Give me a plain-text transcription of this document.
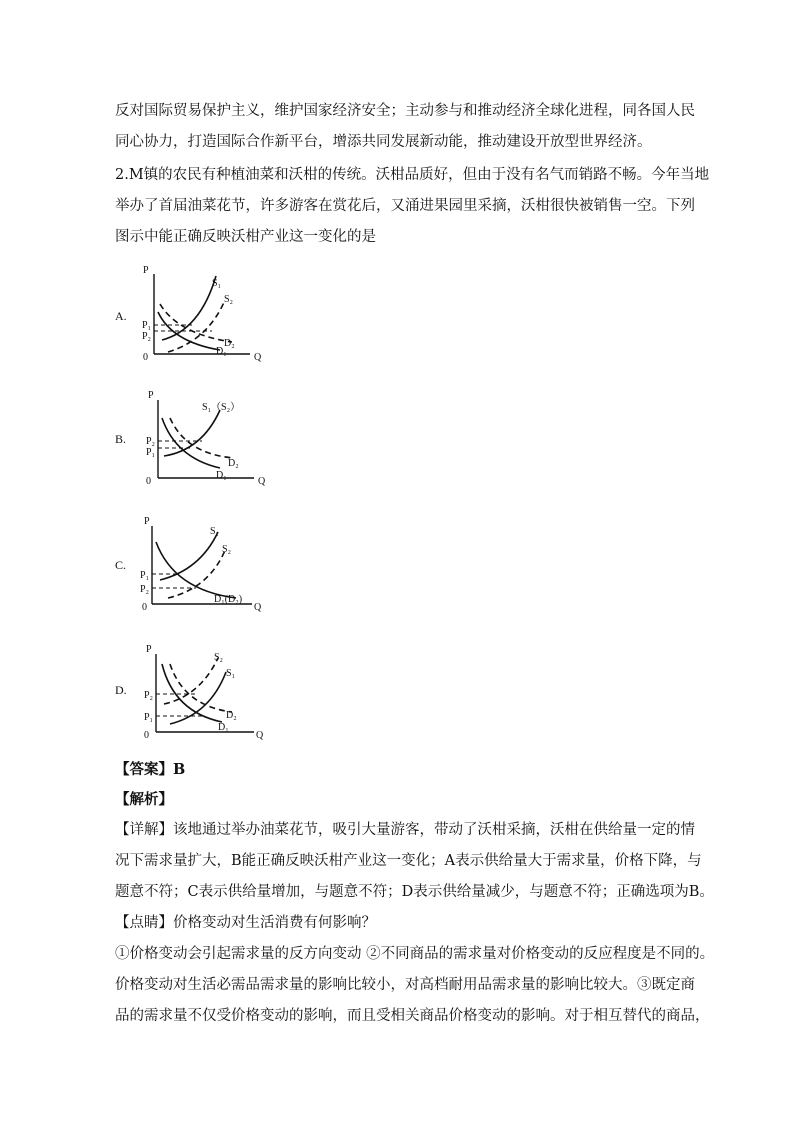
反对国际贸易保护主义，维护国家经济安全；主动参与和推动经济全球化进程，同各国人民
同心协力，打造国际合作新平台，增添共同发展新动能，推动建设开放型世界经济。
2.M镇的农民有种植油菜和沃柑的传统。沃柑品质好，但由于没有名气而销路不畅。今年当地
举办了首届油菜花节，许多游客在赏花后，又涌进果园里采摘，沃柑很快被销售一空。下列
图示中能正确反映沃柑产业这一变化的是
A.
P
0	Q
P₁
P₂
S₁
S₂
D₂
D₁
B.
P
0	Q
P₂
P₁
S₁（S₂）
D₂
D₁
C.
P
0	Q
P₁
P₂
S₁
S₂
D₁(D₂)
D.
P
0	Q
P₂
P₁
S₂
S₁
D₂
D₁
【答案】B
【解析】
【详解】该地通过举办油菜花节，吸引大量游客，带动了沃柑采摘，沃柑在供给量一定的情
况下需求量扩大，B能正确反映沃柑产业这一变化；A表示供给量大于需求量，价格下降，与
题意不符；C表示供给量增加，与题意不符；D表示供给量减少，与题意不符；正确选项为B。
【点睛】价格变动对生活消费有何影响？
①价格变动会引起需求量的反方向变动 ②不同商品的需求量对价格变动的反应程度是不同的。
价格变动对生活必需品需求量的影响比较小，对高档耐用品需求量的影响比较大。③既定商
品的需求量不仅受价格变动的影响，而且受相关商品价格变动的影响。对于相互替代的商品，
